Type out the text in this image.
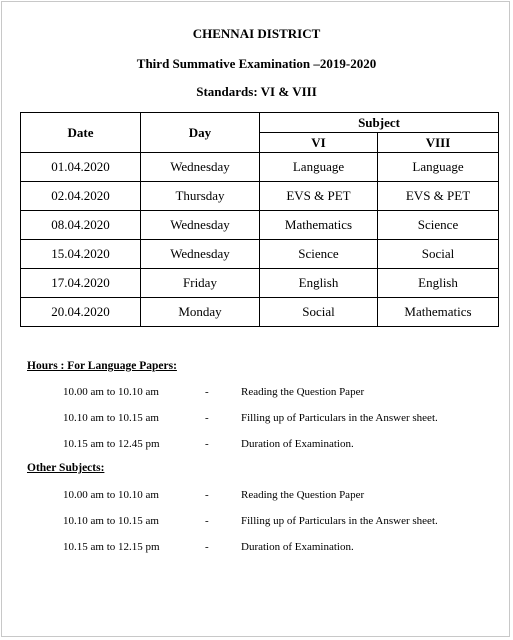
CHENNAI DISTRICT
Third Summative Examination –2019-2020
Standards: VI & VIII
Date	Day	Subject	
		VI	VIII
01.04.2020	Wednesday	Language	Language
02.04.2020	Thursday	EVS & PET	EVS & PET
08.04.2020	Wednesday	Mathematics	Science
15.04.2020	Wednesday	Science	Social
17.04.2020	Friday	English	English
20.04.2020	Monday	Social	Mathematics
Hours : For Language Papers:
10.00 am to 10.10 am	-	Reading the Question Paper
10.10 am to 10.15 am	-	Filling up of Particulars in the Answer sheet.
10.15 am to 12.45 pm	-	Duration of Examination.
Other Subjects:
10.00 am to 10.10 am	-	Reading the Question Paper
10.10 am to 10.15 am	-	Filling up of Particulars in the Answer sheet.
10.15 am to 12.15 pm	-	Duration of Examination.
